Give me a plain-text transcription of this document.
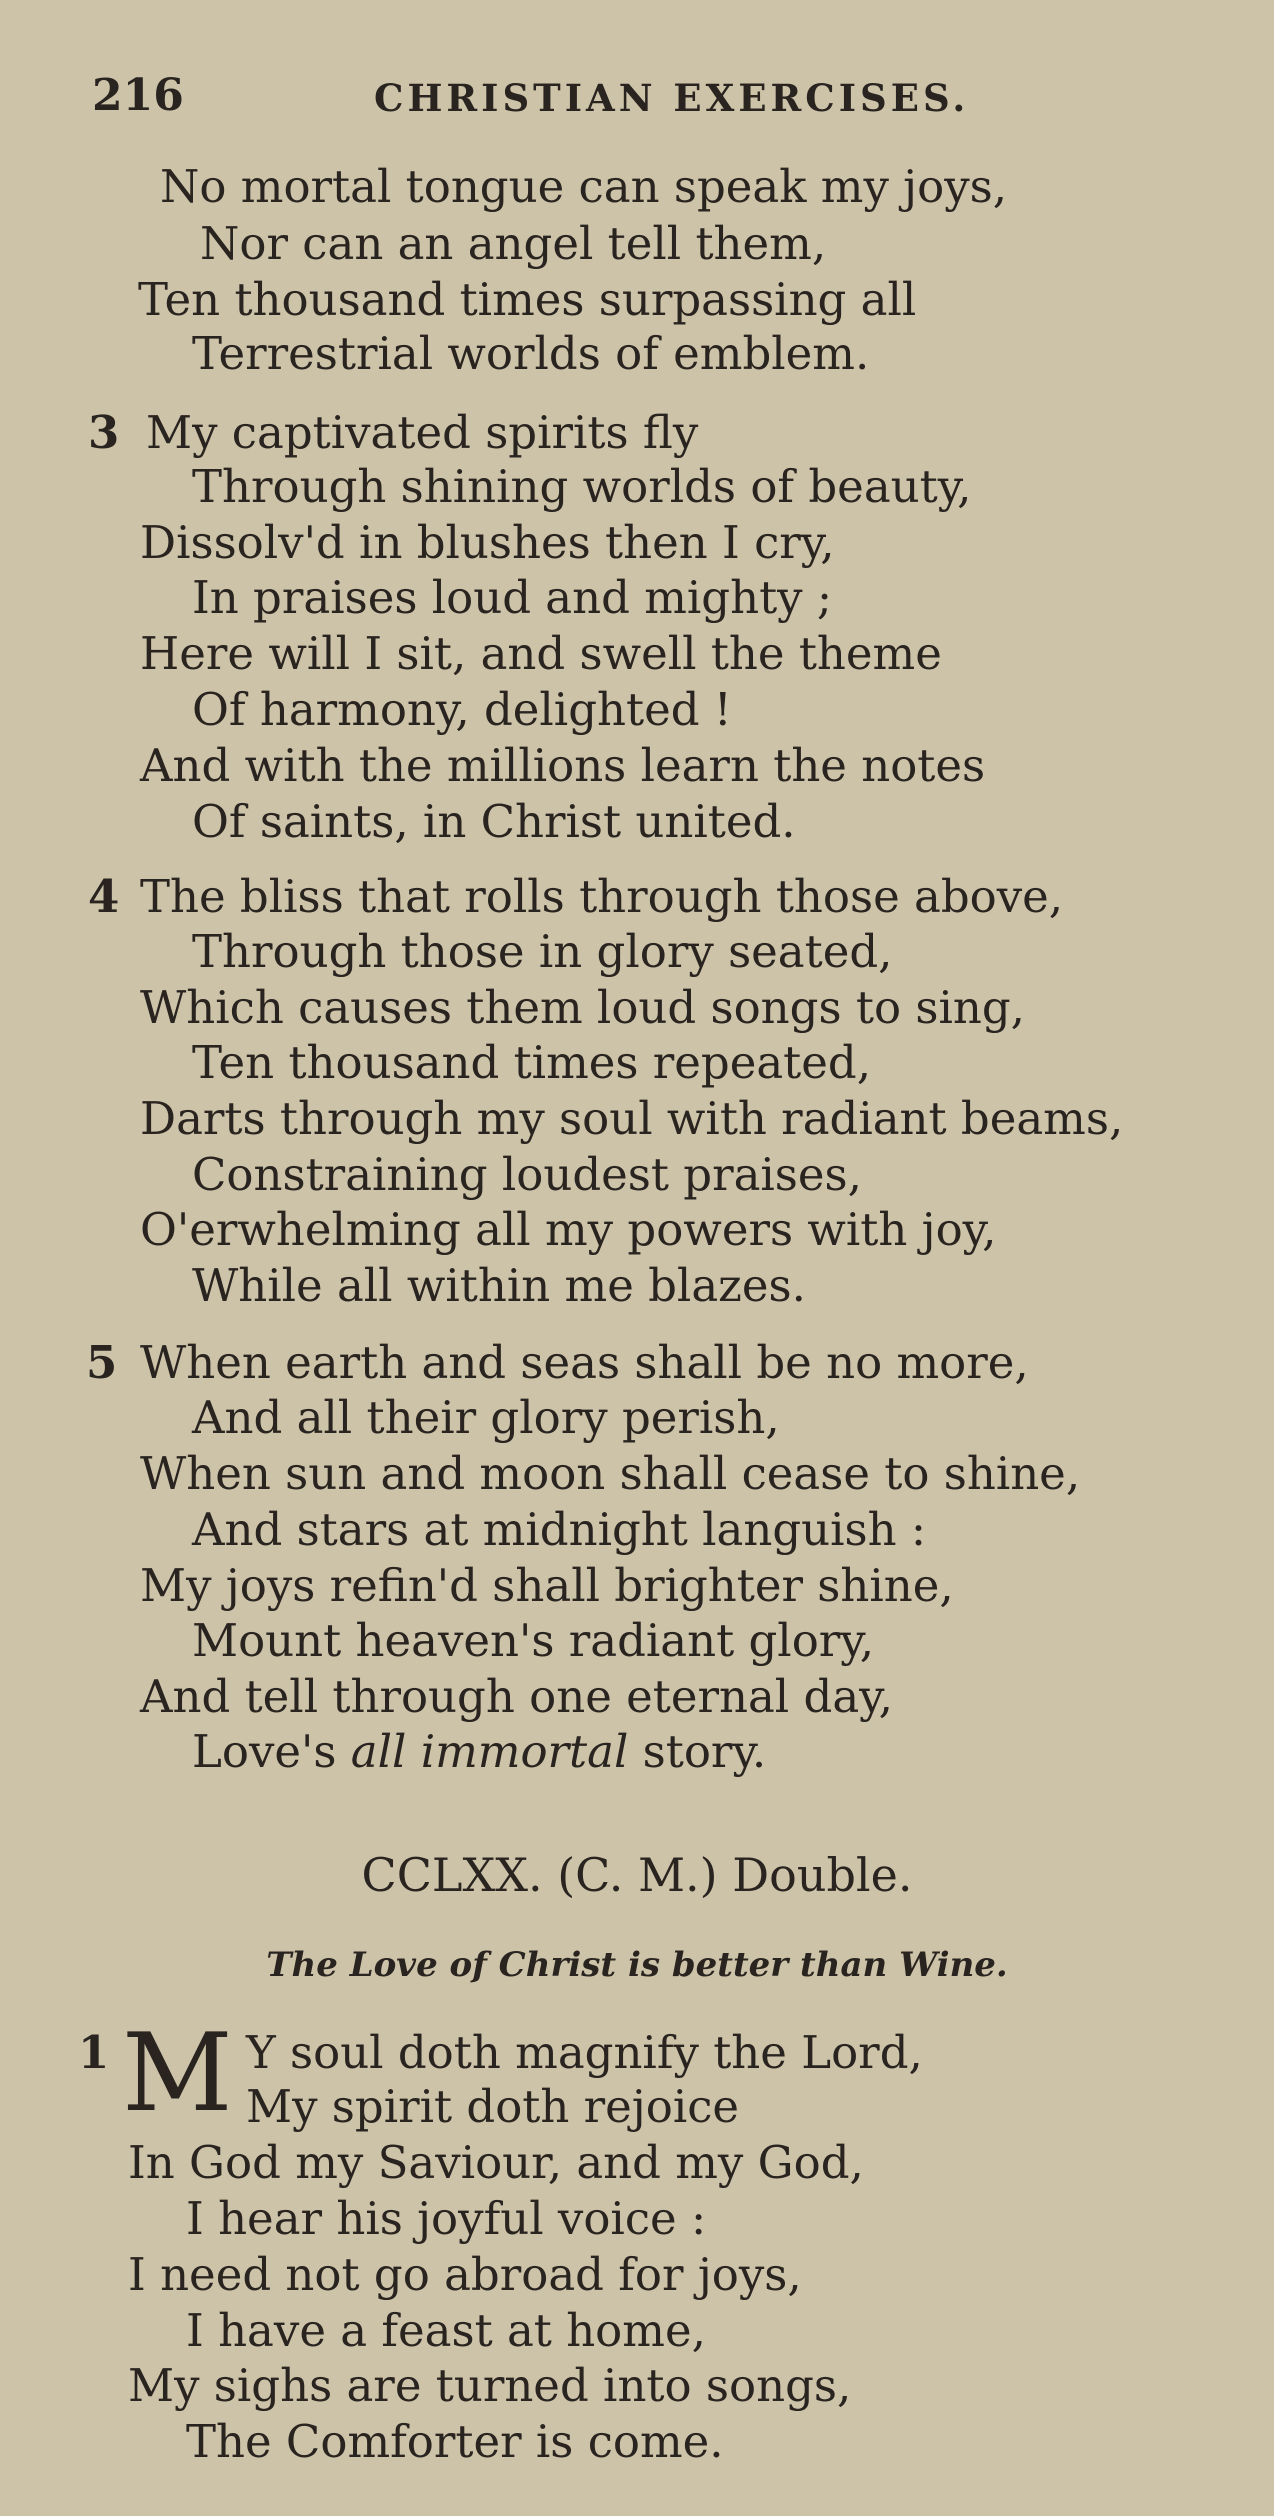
216	CHRISTIAN EXERCISES.
No mortal tongue can speak my joys,
Nor can an angel tell them,
Ten thousand times surpassing all
Terrestrial worlds of emblem.
3 My captivated spirits fly
Through shining worlds of beauty,
Dissolv'd in blushes then I cry,
In praises loud and mighty ;
Here will I sit, and swell the theme
Of harmony, delighted !
And with the millions learn the notes
Of saints, in Christ united.
4 The bliss that rolls through those above,
Through those in glory seated,
Which causes them loud songs to sing,
Ten thousand times repeated,
Darts through my soul with radiant beams,
Constraining loudest praises,
O'erwhelming all my powers with joy,
While all within me blazes.
5 When earth and seas shall be no more,
And all their glory perish,
When sun and moon shall cease to shine,
And stars at midnight languish :
My joys refin'd shall brighter shine,
Mount heaven's radiant glory,
And tell through one eternal day,
Love's all immortal story.
CCLXX. (C. M.) Double.
The Love of Christ is better than Wine.
1 M Y soul doth magnify the Lord,
My spirit doth rejoice
In God my Saviour, and my God,
I hear his joyful voice :
I need not go abroad for joys,
I have a feast at home,
My sighs are turned into songs,
The Comforter is come.
